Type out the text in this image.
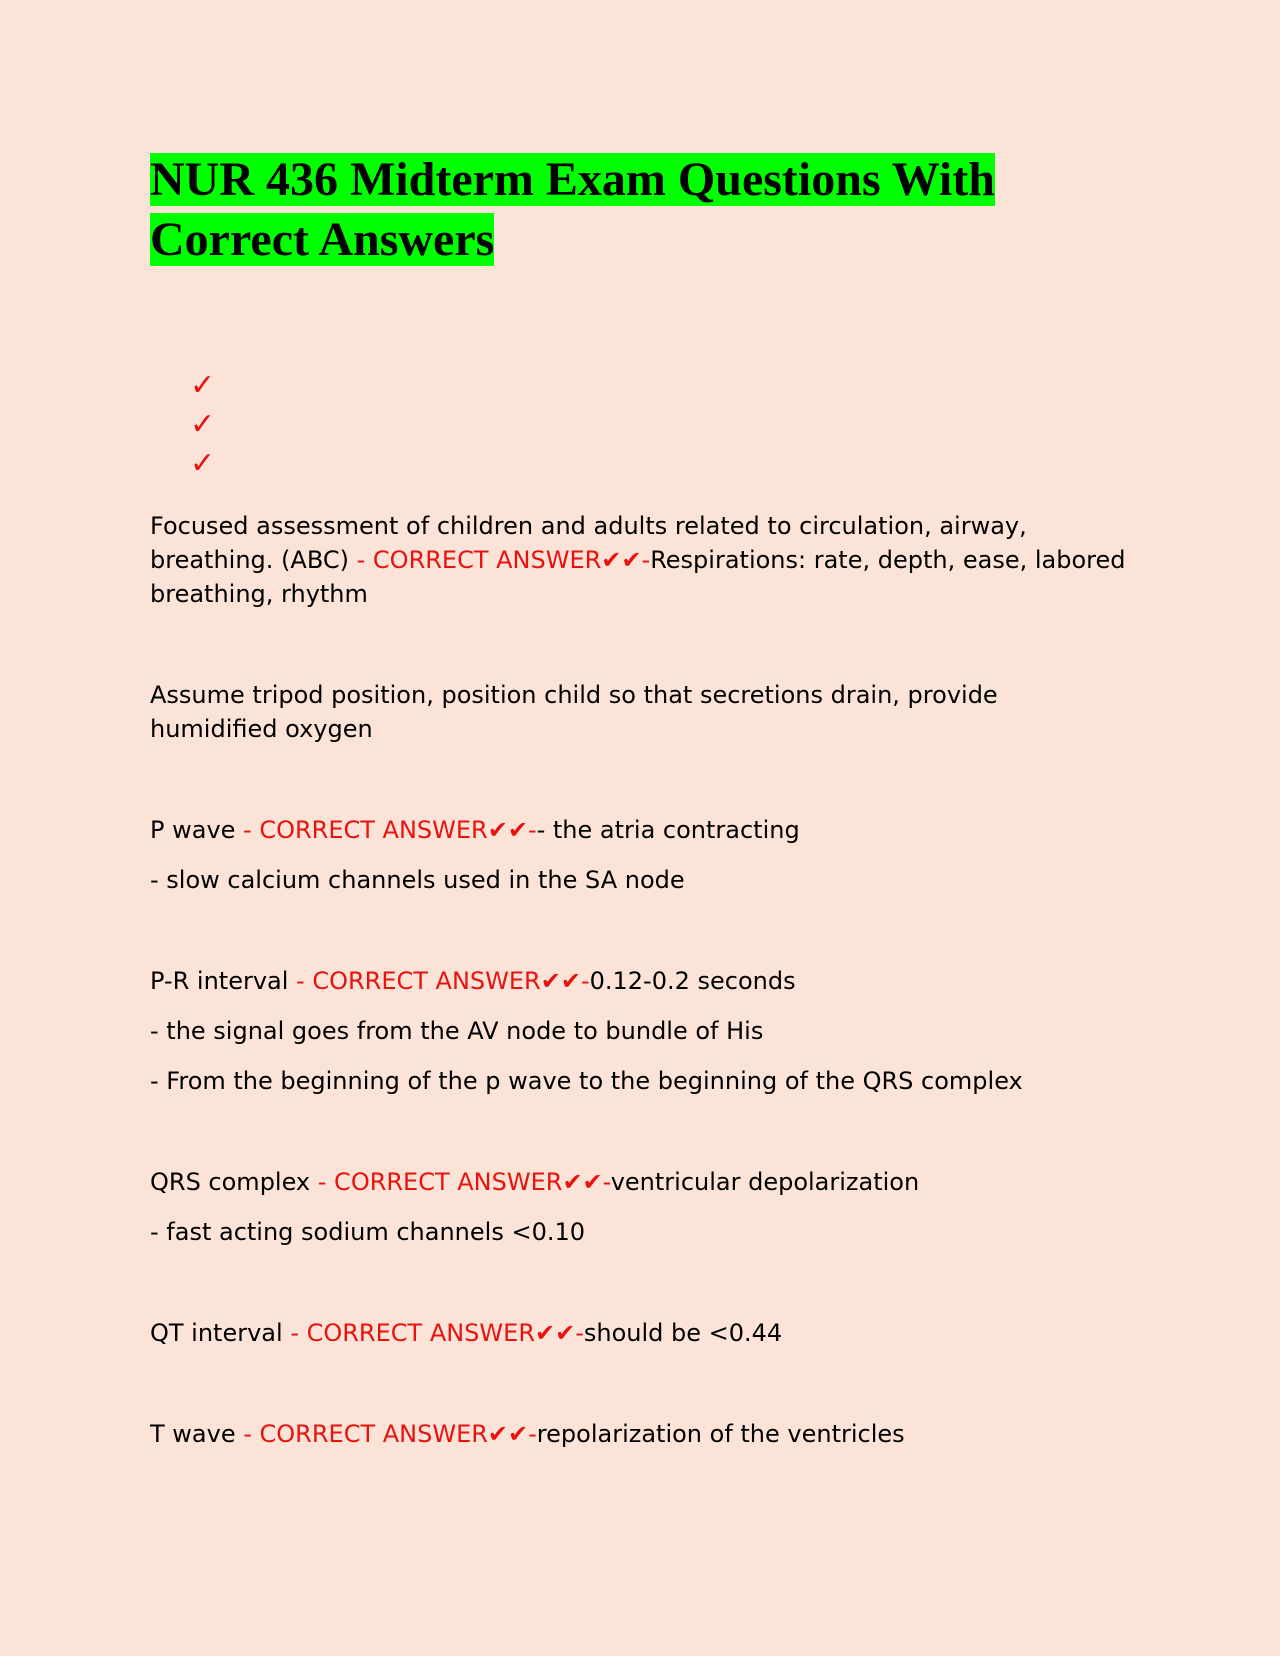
NUR 436 Midterm Exam Questions With
Correct Answers
✓
✓
✓

Focused assessment of children and adults related to circulation, airway, breathing. (ABC) - CORRECT ANSWER✔✔-Respirations: rate, depth, ease, labored breathing, rhythm

Assume tripod position, position child so that secretions drain, provide humidified oxygen

P wave - CORRECT ANSWER✔✔-- the atria contracting

- slow calcium channels used in the SA node

P-R interval - CORRECT ANSWER✔✔-0.12-0.2 seconds

- the signal goes from the AV node to bundle of His

- From the beginning of the p wave to the beginning of the QRS complex

QRS complex - CORRECT ANSWER✔✔-ventricular depolarization

- fast acting sodium channels <0.10

QT interval - CORRECT ANSWER✔✔-should be <0.44

T wave - CORRECT ANSWER✔✔-repolarization of the ventricles
